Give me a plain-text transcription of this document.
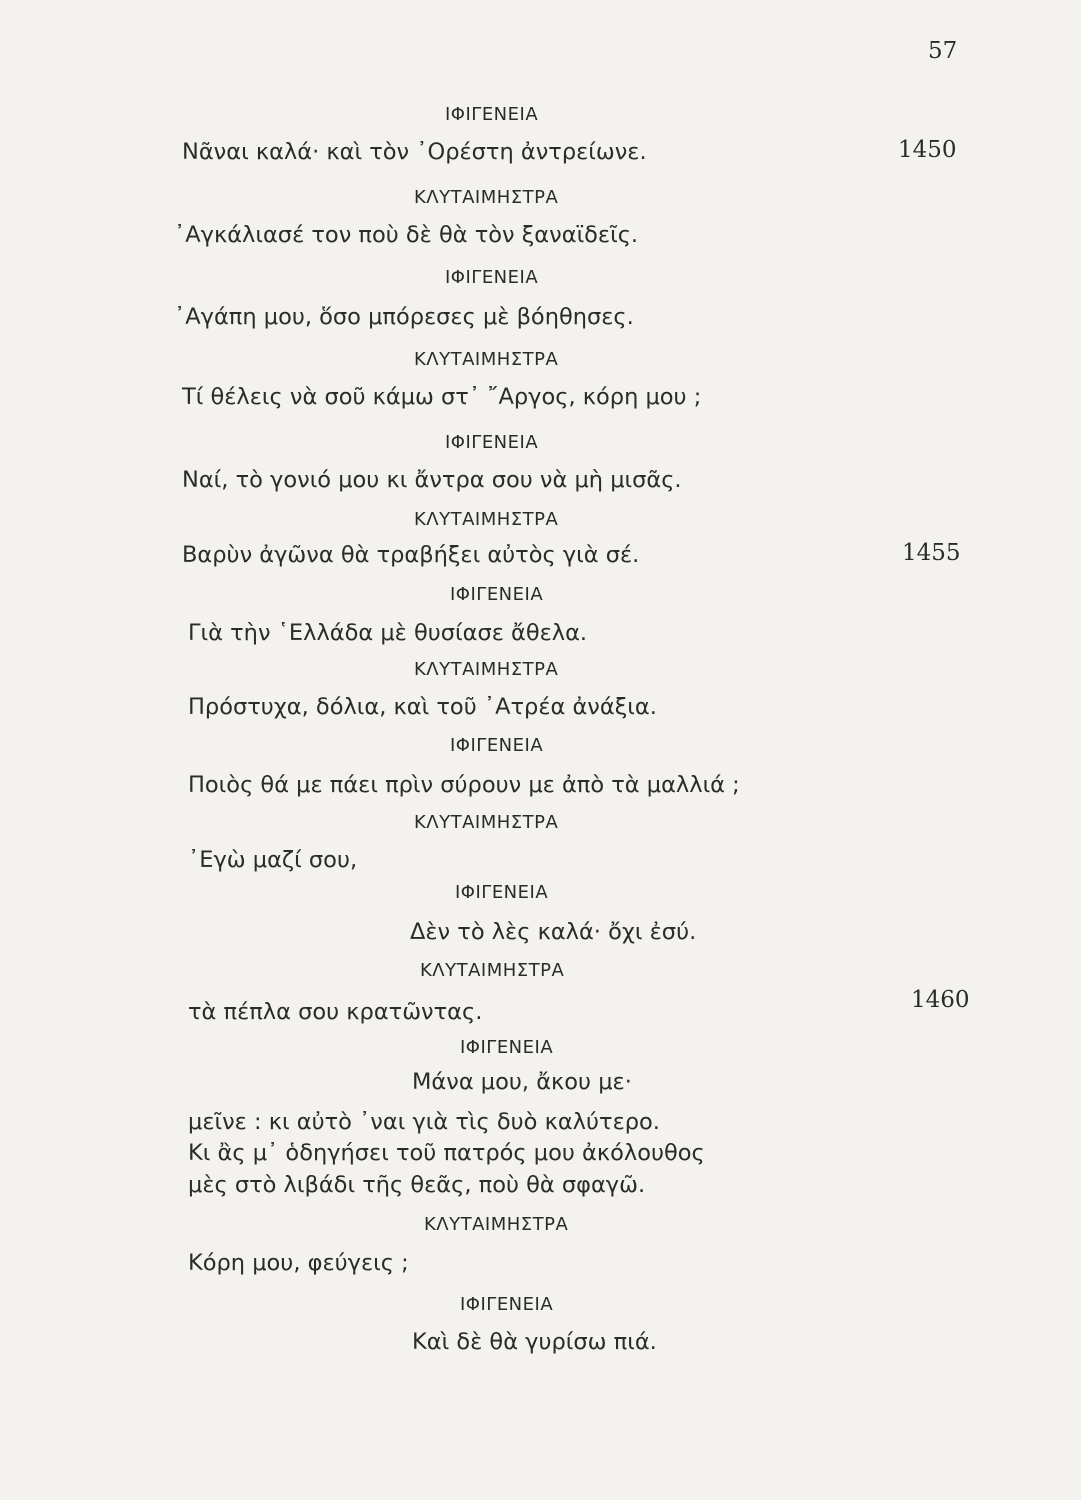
57
ΙΦΙΓΕΝΕΙΑ
Νᾶναι καλά· καὶ τὸν ᾿Ορέστη ἀντρείωνε.
ΚΛΥΤΑΙΜΗΣΤΡΑ
᾿Αγκάλιασέ τον ποὺ δὲ θὰ τὸν ξαναϊδεῖς.
ΙΦΙΓΕΝΕΙΑ
᾿Αγάπη μου, ὅσο μπόρεσες μὲ βόηθησες.
ΚΛΥΤΑΙΜΗΣΤΡΑ
Τί θέλεις νὰ σοῦ κάμω στ᾿ ῎Αργος, κόρη μου ;
ΙΦΙΓΕΝΕΙΑ
Ναί, τὸ γονιό μου κι ἄντρα σου νὰ μὴ μισᾶς.
ΚΛΥΤΑΙΜΗΣΤΡΑ
Βαρὺν ἀγῶνα θὰ τραβήξει αὐτὸς γιὰ σέ.
ΙΦΙΓΕΝΕΙΑ
Γιὰ τὴν ῾Ελλάδα μὲ θυσίασε ἄθελα.
ΚΛΥΤΑΙΜΗΣΤΡΑ
Πρόστυχα, δόλια, καὶ τοῦ ᾿Ατρέα ἀνάξια.
ΙΦΙΓΕΝΕΙΑ
Ποιὸς θά με πάει πρὶν σύρουν με ἀπὸ τὰ μαλλιά ;
ΚΛΥΤΑΙΜΗΣΤΡΑ
᾿Εγὼ μαζί σου,
ΙΦΙΓΕΝΕΙΑ
Δὲν τὸ λὲς καλά· ὄχι ἐσύ.
ΚΛΥΤΑΙΜΗΣΤΡΑ
τὰ πέπλα σου κρατῶντας.
ΙΦΙΓΕΝΕΙΑ
Μάνα μου, ἄκου με·
μεῖνε : κι αὐτὸ ᾿ναι γιὰ τὶς δυὸ καλύτερο.
Κι ἂς μ᾿ ὁδηγήσει τοῦ πατρός μου ἀκόλουθος
μὲς στὸ λιβάδι τῆς θεᾶς, ποὺ θὰ σφαγῶ.
ΚΛΥΤΑΙΜΗΣΤΡΑ
Κόρη μου, φεύγεις ;
ΙΦΙΓΕΝΕΙΑ
Καὶ δὲ θὰ γυρίσω πιά.
1450
1455
1460
